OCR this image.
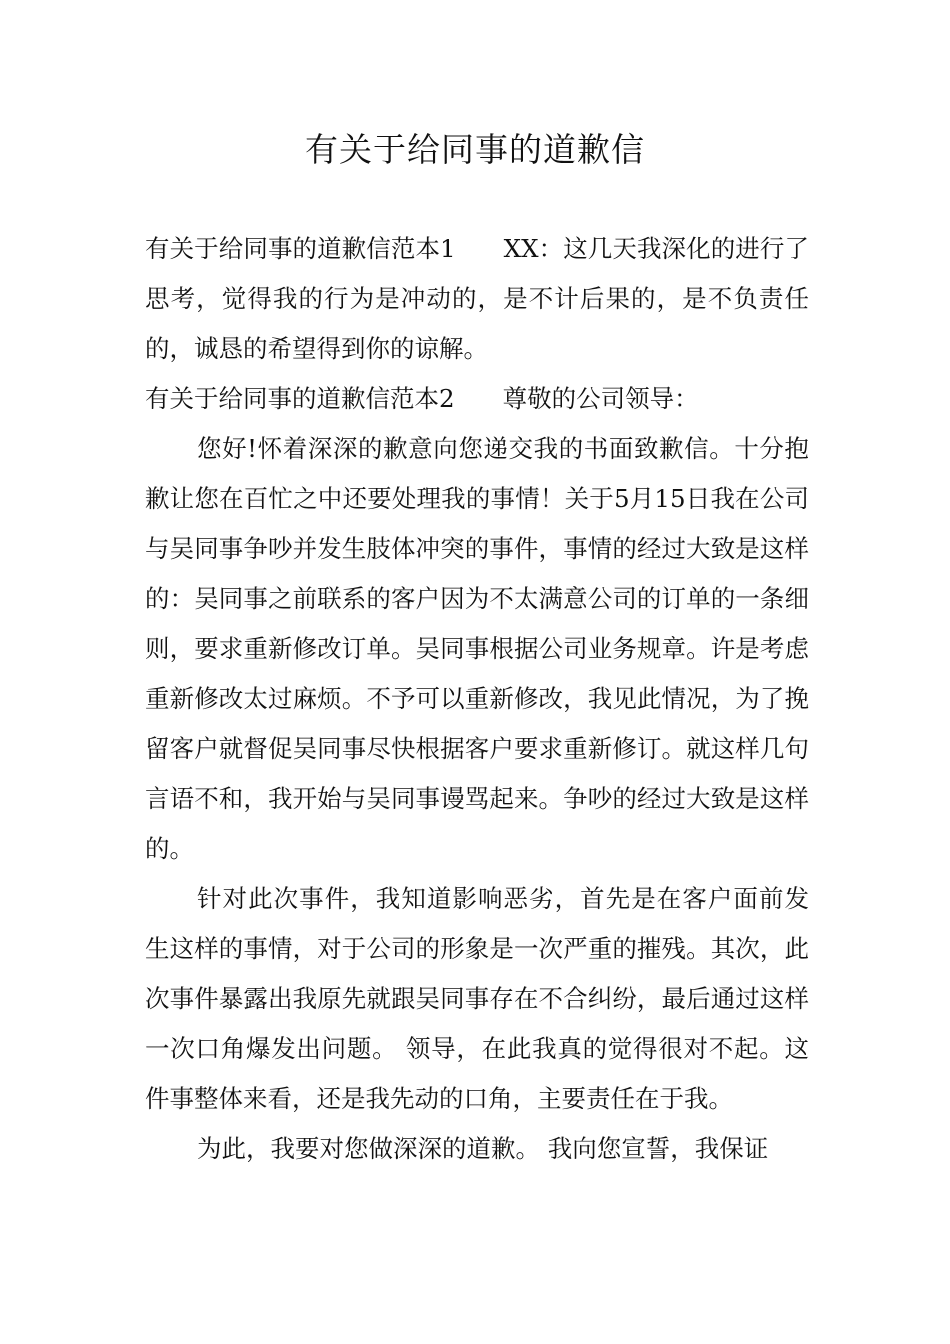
有关于给同事的道歉信

有关于给同事的道歉信范本1 XX：这几天我深化的进行了思考，觉得我的行为是冲动的，是不计后果的，是不负责任的，诚恳的希望得到你的谅解。

有关于给同事的道歉信范本2 尊敬的公司领导：

您好!怀着深深的歉意向您递交我的书面致歉信。十分抱歉让您在百忙之中还要处理我的事情！关于5月15日我在公司与吴同事争吵并发生肢体冲突的事件，事情的经过大致是这样的：吴同事之前联系的客户因为不太满意公司的订单的一条细则，要求重新修改订单。吴同事根据公司业务规章。许是考虑重新修改太过麻烦。不予可以重新修改，我见此情况，为了挽留客户就督促吴同事尽快根据客户要求重新修订。就这样几句言语不和，我开始与吴同事谩骂起来。争吵的经过大致是这样的。

针对此次事件，我知道影响恶劣，首先是在客户面前发生这样的事情，对于公司的形象是一次严重的摧残。其次，此次事件暴露出我原先就跟吴同事存在不合纠纷，最后通过这样一次口角爆发出问题。 领导，在此我真的觉得很对不起。这件事整体来看，还是我先动的口角，主要责任在于我。

为此，我要对您做深深的道歉。 我向您宣誓，我保证
